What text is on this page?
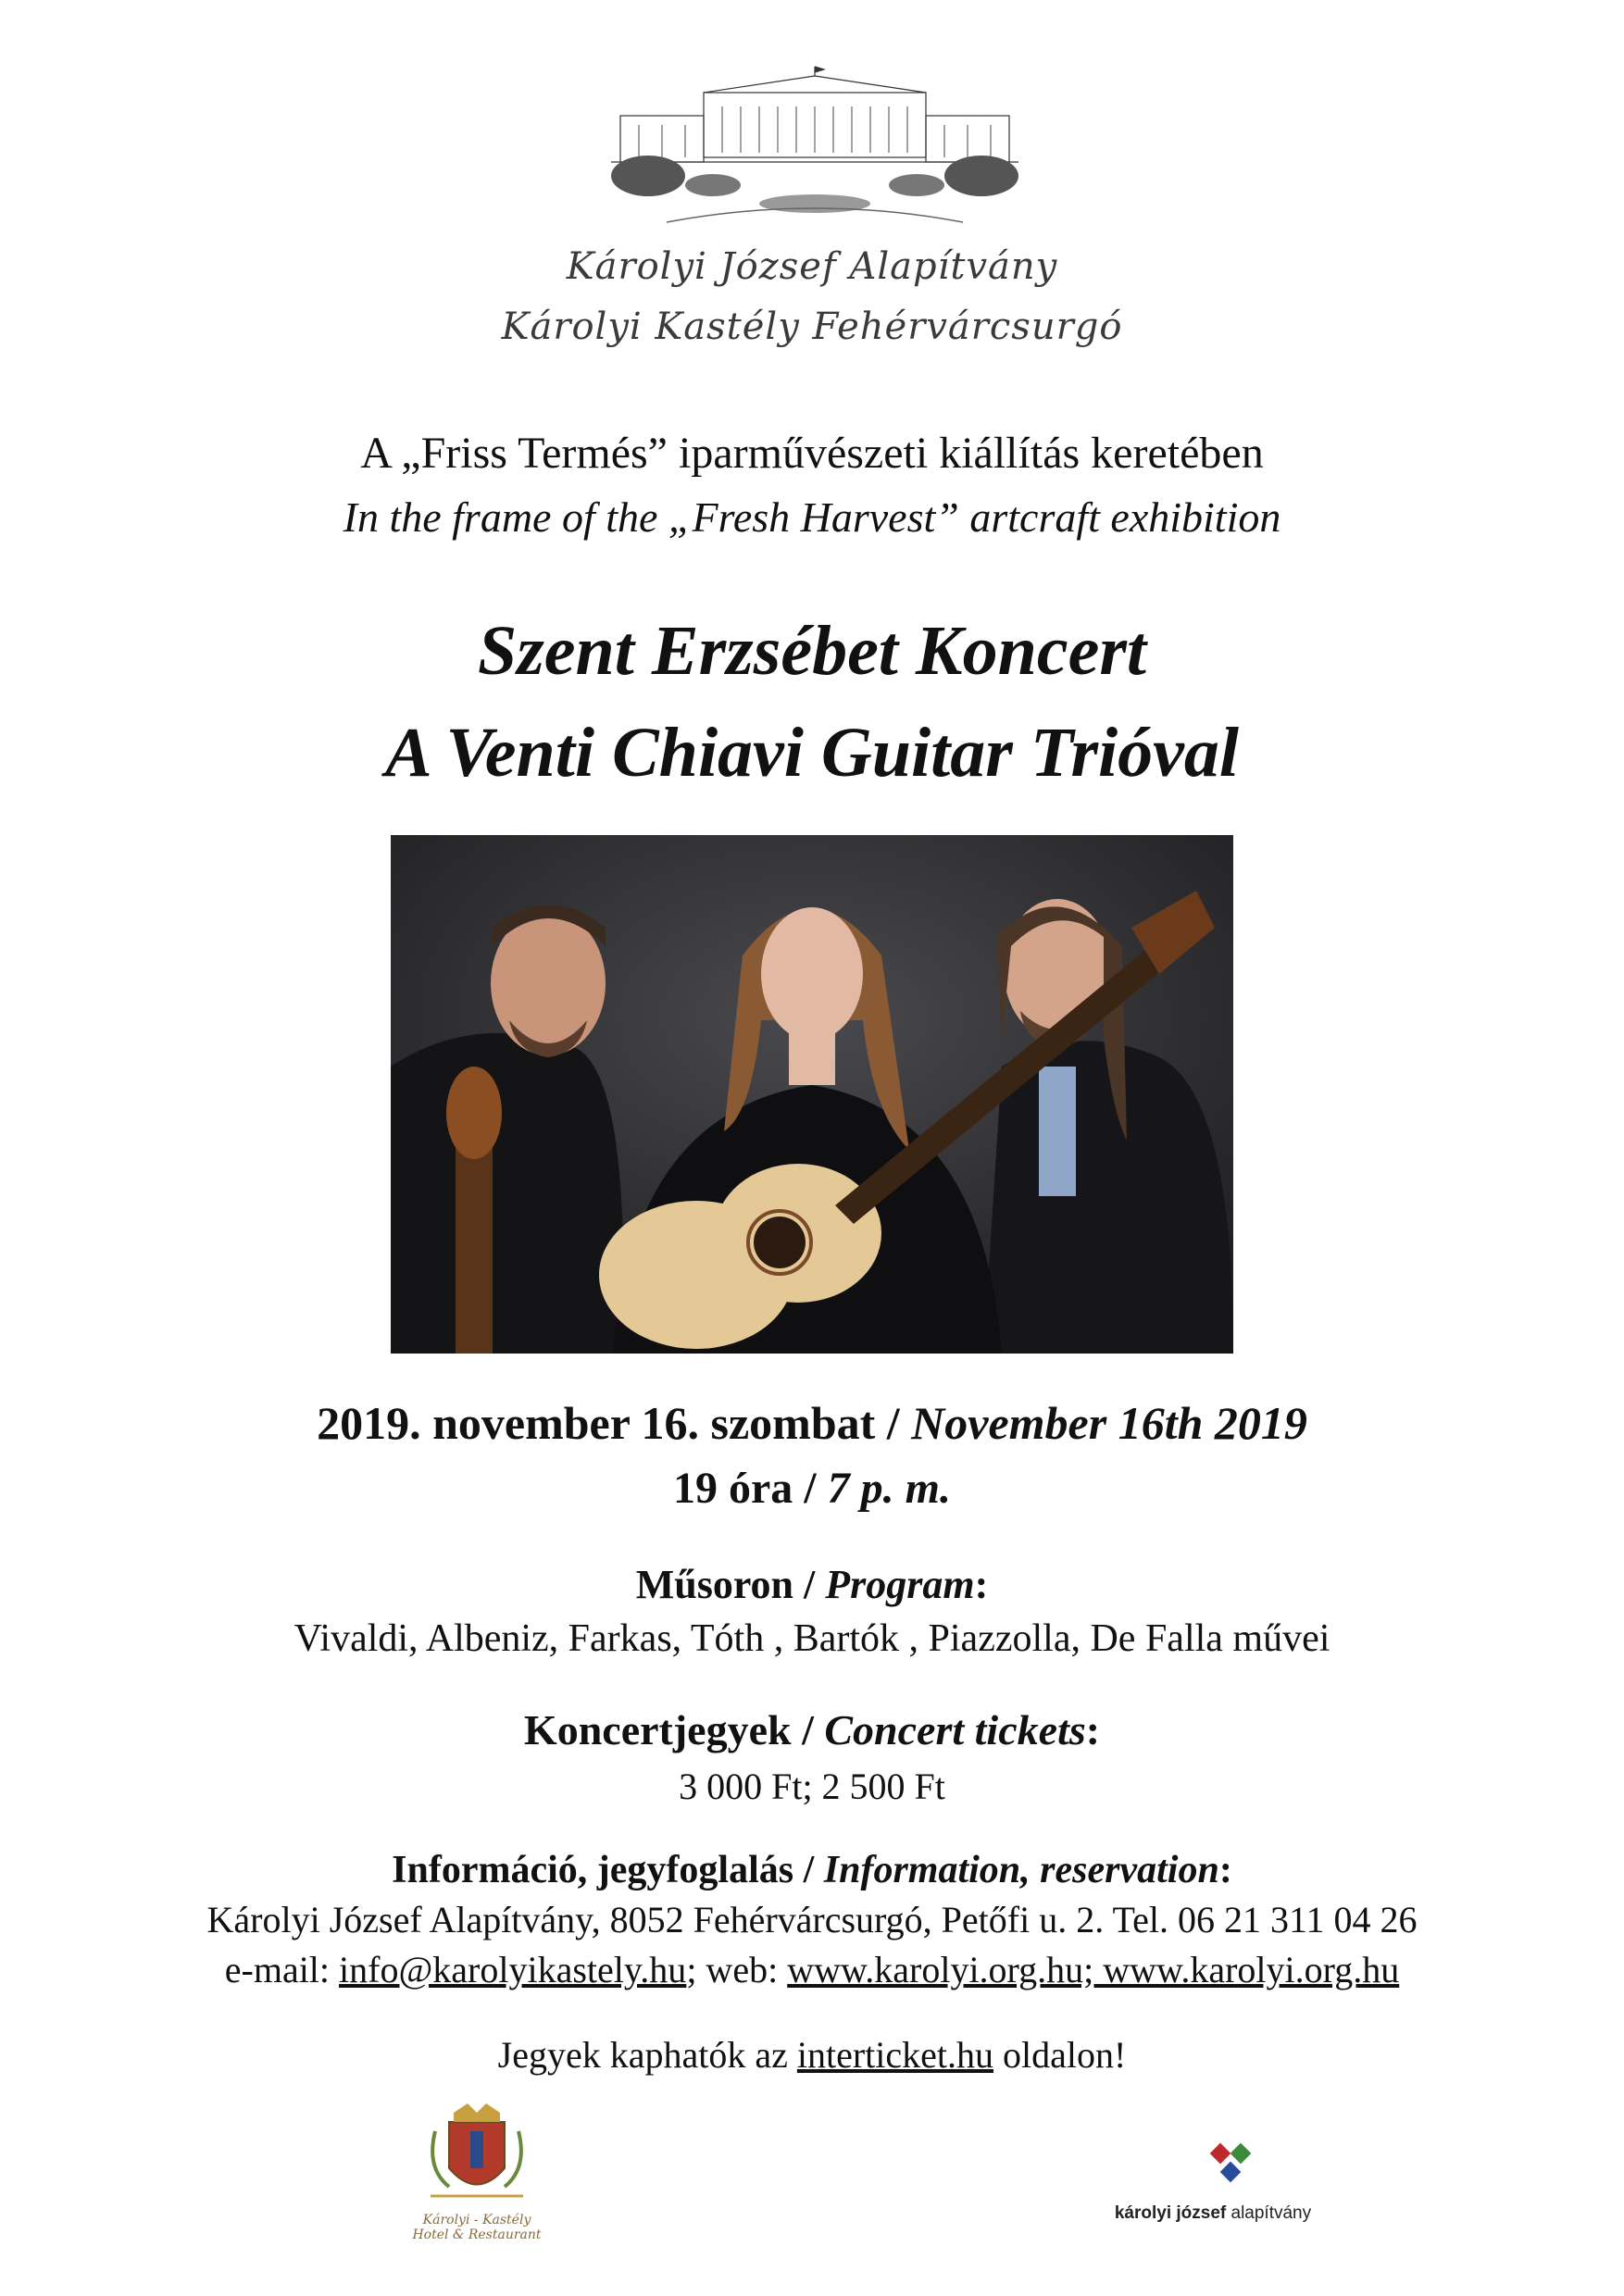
Károlyi József Alapítvány
Károlyi Kastély Fehérvárcsurgó
A „Friss Termés” iparművészeti kiállítás keretében
In the frame of the „Fresh Harvest” artcraft exhibition
Szent Erzsébet Koncert
A Venti Chiavi Guitar Trióval
2019. november 16. szombat / November 16th 2019
19 óra / 7 p. m.
Műsoron / Program:
Vivaldi, Albeniz, Farkas, Tóth , Bartók , Piazzolla, De Falla művei
Koncertjegyek / Concert tickets:
3 000 Ft; 2 500 Ft
Információ, jegyfoglalás / Information, reservation:
Károlyi József Alapítvány, 8052 Fehérvárcsurgó, Petőfi u. 2. Tel. 06 21 311 04 26
e-mail: info@karolyikastely.hu; web: www.karolyi.org.hu; www.karolyi.org.hu
Jegyek kaphatók az interticket.hu oldalon!
Károlyi - Kastély
Hotel & Restaurant
károlyi józsef alapítvány
